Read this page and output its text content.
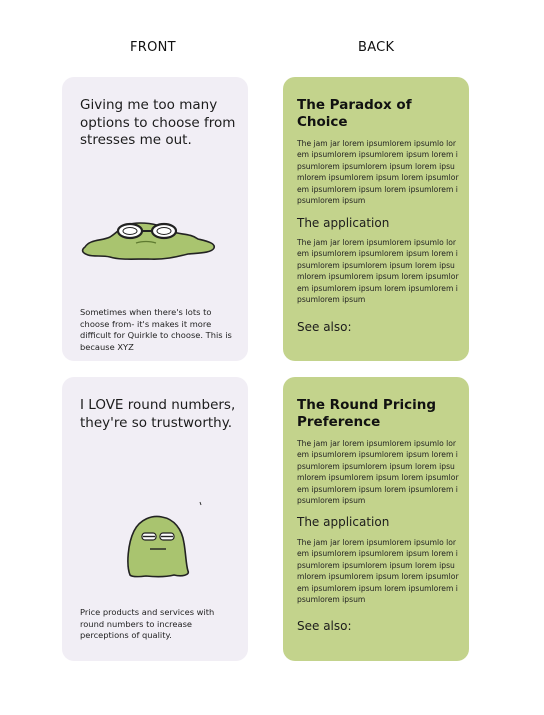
FRONT	BACK
Giving me too many options to choose from stresses me out.
Sometimes when there's lots to choose from- it's makes it more difficult for Quirkle to choose. This is because XYZ
The Paradox of Choice
The jam jar lorem ipsumlorem ipsumlo lorem ipsumlorem ipsumlorem ipsum lorem ipsumlorem ipsumlorem ipsum lorem ipsumlorem ipsumlorem ipsum lorem ipsumlorem ipsumlorem ipsum lorem ipsumlorem ipsumlorem ipsum
The application
The jam jar lorem ipsumlorem ipsumlo lorem ipsumlorem ipsumlorem ipsum lorem ipsumlorem ipsumlorem ipsum lorem ipsumlorem ipsumlorem ipsum lorem ipsumlorem ipsumlorem ipsum lorem ipsumlorem ipsumlorem ipsum
See also:
I LOVE round numbers, they're so trustworthy.
Price products and services with round numbers to increase perceptions of quality.
The Round Pricing Preference
The jam jar lorem ipsumlorem ipsumlo lorem ipsumlorem ipsumlorem ipsum lorem ipsumlorem ipsumlorem ipsum lorem ipsumlorem ipsumlorem ipsum lorem ipsumlorem ipsumlorem ipsum lorem ipsumlorem ipsumlorem ipsum
The application
The jam jar lorem ipsumlorem ipsumlo lorem ipsumlorem ipsumlorem ipsum lorem ipsumlorem ipsumlorem ipsum lorem ipsumlorem ipsumlorem ipsum lorem ipsumlorem ipsumlorem ipsum lorem ipsumlorem ipsumlorem ipsum
See also:
